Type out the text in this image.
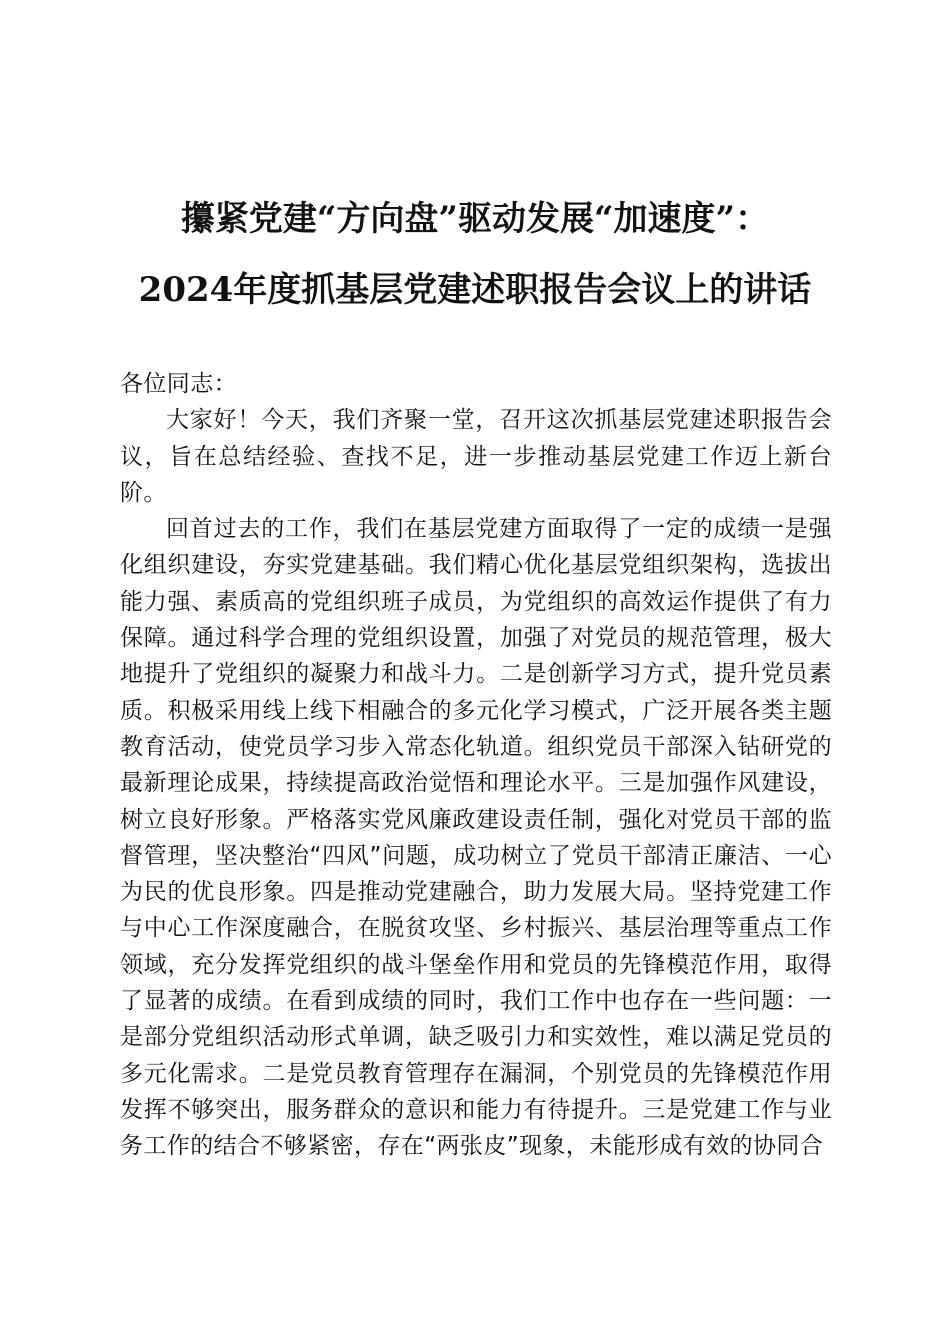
攥紧党建“方向盘”驱动发展“加速度”：
2024年度抓基层党建述职报告会议上的讲话

各位同志：

大家好！今天，我们齐聚一堂，召开这次抓基层党建述职报告会议，旨在总结经验、查找不足，进一步推动基层党建工作迈上新台阶。

回首过去的工作，我们在基层党建方面取得了一定的成绩一是强化组织建设，夯实党建基础。我们精心优化基层党组织架构，选拔出能力强、素质高的党组织班子成员，为党组织的高效运作提供了有力保障。通过科学合理的党组织设置，加强了对党员的规范管理，极大地提升了党组织的凝聚力和战斗力。二是创新学习方式，提升党员素质。积极采用线上线下相融合的多元化学习模式，广泛开展各类主题教育活动，使党员学习步入常态化轨道。组织党员干部深入钻研党的最新理论成果，持续提高政治觉悟和理论水平。三是加强作风建设，树立良好形象。严格落实党风廉政建设责任制，强化对党员干部的监督管理，坚决整治“四风”问题，成功树立了党员干部清正廉洁、一心为民的优良形象。四是推动党建融合，助力发展大局。坚持党建工作与中心工作深度融合，在脱贫攻坚、乡村振兴、基层治理等重点工作领域，充分发挥党组织的战斗堡垒作用和党员的先锋模范作用，取得了显著的成绩。在看到成绩的同时，我们工作中也存在一些问题：一是部分党组织活动形式单调，缺乏吸引力和实效性，难以满足党员的多元化需求。二是党员教育管理存在漏洞，个别党员的先锋模范作用发挥不够突出，服务群众的意识和能力有待提升。三是党建工作与业务工作的结合不够紧密，存在“两张皮”现象，未能形成有效的协同合
